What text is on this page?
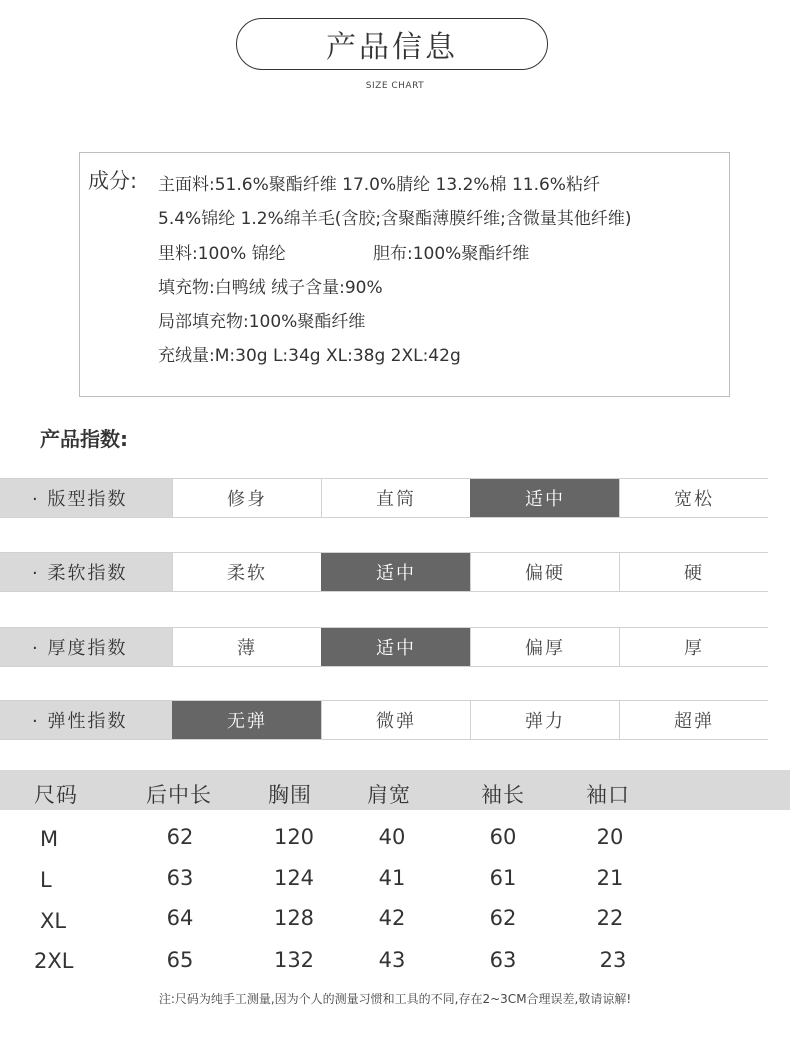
产品信息
SIZE CHART
成分: 主面料:51.6%聚酯纤维 17.0%腈纶 13.2%棉 11.6%粘纤
5.4%锦纶 1.2%绵羊毛(含胶;含聚酯薄膜纤维;含微量其他纤维)
里料:100% 锦纶	胆布:100%聚酯纤维
填充物:白鸭绒 绒子含量:90%
局部填充物:100%聚酯纤维
充绒量:M:30g L:34g XL:38g 2XL:42g
产品指数:
· 版型指数	修身	直筒	适中	宽松
· 柔软指数	柔软	适中	偏硬	硬
· 厚度指数	薄	适中	偏厚	厚
· 弹性指数	无弹	微弹	弹力	超弹
尺码	后中长	胸围	肩宽	袖长	袖口
M	62	120	40	60	20
L	63	124	41	61	21
XL	64	128	42	62	22
2XL	65	132	43	63	23
注:尺码为纯手工测量,因为个人的测量习惯和工具的不同,存在2~3CM合理误差,敬请谅解!
